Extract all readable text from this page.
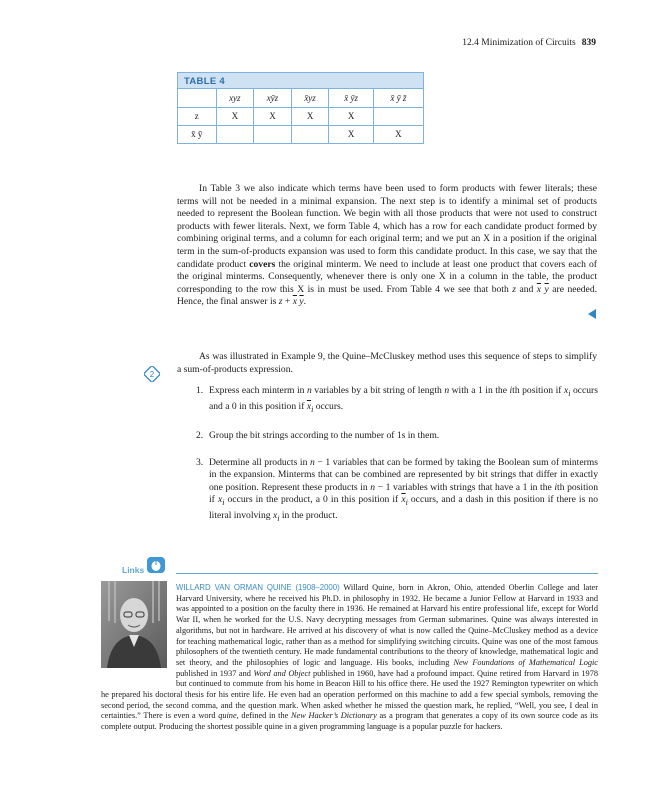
12.4 Minimization of Circuits 839
TABLE 4
	xyz	xȳz	x̄yz	x̄ ȳz	x̄ ȳ z̄
z	X	X	X	X	
x̄ ȳ				X	X
In Table 3 we also indicate which terms have been used to form products with fewer literals; these terms will not be needed in a minimal expansion. The next step is to identify a minimal set of products needed to represent the Boolean function. We begin with all those products that were not used to construct products with fewer literals. Next, we form Table 4, which has a row for each candidate product formed by combining original terms, and a column for each original term; and we put an X in a position if the original term in the sum-of-products expansion was used to form this candidate product. In this case, we say that the candidate product covers the original minterm. We need to include at least one product that covers each of the original minterms. Consequently, whenever there is only one X in a column in the table, the product corresponding to the row this X is in must be used. From Table 4 we see that both z and $\overline{x}$ $\overline{y}$ are needed. Hence, the final answer is $z + \overline{x}$ $\overline{y}$.
As was illustrated in Example 9, the Quine–McCluskey method uses this sequence of steps to simplify a sum-of-products expression.
2
1. Express each minterm in n variables by a bit string of length n with a 1 in the ith position if $x_i$ occurs and a 0 in this position if $\overline{x}_i$ occurs.
2. Group the bit strings according to the number of 1s in them.
3. Determine all products in n − 1 variables that can be formed by taking the Boolean sum of minterms in the expansion. Minterms that can be combined are represented by bit strings that differ in exactly one position. Represent these products in n − 1 variables with strings that have a 1 in the ith position if $x_i$ occurs in the product, a 0 in this position if $\overline{x}_i$ occurs, and a dash in this position if there is no literal involving $x_i$ in the product.
Links
WILLARD VAN ORMAN QUINE (1908–2000) Willard Quine, born in Akron, Ohio, attended Oberlin College and later Harvard University, where he received his Ph.D. in philosophy in 1932. He became a Junior Fellow at Harvard in 1933 and was appointed to a position on the faculty there in 1936. He remained at Harvard his entire professional life, except for World War II, when he worked for the U.S. Navy decrypting messages from German submarines. Quine was always interested in algorithms, but not in hardware. He arrived at his discovery of what is now called the Quine–McCluskey method as a device for teaching mathematical logic, rather than as a method for simplifying switching circuits. Quine was one of the most famous philosophers of the twentieth century. He made fundamental contributions to the theory of knowledge, mathematical logic and set theory, and the philosophies of logic and language. His books, including New Foundations of Mathematical Logic published in 1937 and Word and Object published in 1960, have had a profound impact. Quine retired from Harvard in 1978 but continued to commute from his home in Beacon Hill to his office there. He used the 1927 Remington typewriter on which he prepared his doctoral thesis for his entire life. He even had an operation performed on this machine to add a few special symbols, removing the second period, the second comma, and the question mark. When asked whether he missed the question mark, he replied, “Well, you see, I deal in certainties.” There is even a word quine, defined in the New Hacker’s Dictionary as a program that generates a copy of its own source code as its complete output. Producing the shortest possible quine in a given programming language is a popular puzzle for hackers.
